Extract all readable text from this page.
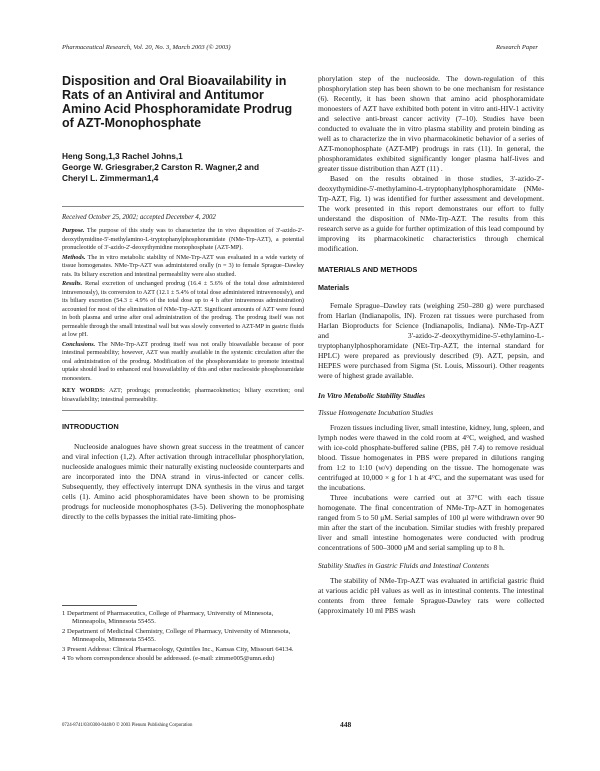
Pharmaceutical Research, Vol. 20, No. 3, March 2003 (© 2003)	Research Paper
Disposition and Oral Bioavailability in Rats of an Antiviral and Antitumor Amino Acid Phosphoramidate Prodrug of AZT-Monophosphate
Heng Song,1,3 Rachel Johns,1
George W. Griesgraber,2 Carston R. Wagner,2 and
Cheryl L. Zimmerman1,4
Received October 25, 2002; accepted December 4, 2002

Purpose. The purpose of this study was to characterize the in vivo disposition of 3'-azido-2'-deoxythymidine-5'-methylamino-L-tryptophanylphosphoramidate (NMe-Trp-AZT), a potential pronucleotide of 3'-azido-2'-deoxythymidine monophosphate (AZT-MP).

Methods. The in vitro metabolic stability of NMe-Trp-AZT was evaluated in a wide variety of tissue homogenates. NMe-Trp-AZT was administered orally (n = 3) to female Sprague–Dawley rats. Its biliary excretion and intestinal permeability were also studied.

Results. Renal excretion of unchanged prodrug (16.4 ± 5.6% of the total dose administered intravenously), its conversion to AZT (12.1 ± 5.4% of total dose administered intravenously), and its biliary excretion (54.3 ± 4.9% of the total dose up to 4 h after intravenous administration) accounted for most of the elimination of NMe-Trp-AZT. Significant amounts of AZT were found in both plasma and urine after oral administration of the prodrug. The prodrug itself was not permeable through the small intestinal wall but was slowly converted to AZT-MP in gastric fluids at low pH.

Conclusions. The NMe-Trp-AZT prodrug itself was not orally bioavailable because of poor intestinal permeability; however, AZT was readily available in the systemic circulation after the oral administration of the prodrug. Modification of the phosphoramidate to promote intestinal uptake should lead to enhanced oral bioavailability of this and other nucleoside phosphoramidate monoesters.

KEY WORDS: AZT; prodrugs; pronucleotide; pharmacokinetics; biliary excretion; oral bioavailability; intestinal permeability.
INTRODUCTION

Nucleoside analogues have shown great success in the treatment of cancer and viral infection (1,2). After activation through intracellular phosphorylation, nucleoside analogues mimic their naturally existing nucleoside counterparts and are incorporated into the DNA strand in virus-infected or cancer cells. Subsequently, they effectively interrupt DNA synthesis in the virus and target cells (1). Amino acid phosphoramidates have been shown to be promising prodrugs for nucleoside monophosphates (3-5). Delivering the monophosphate directly to the cells bypasses the initial rate-limiting phos-

phorylation step of the nucleoside. The down-regulation of this phosphorylation step has been shown to be one mechanism for resistance (6). Recently, it has been shown that amino acid phosphoramidate monoesters of AZT have exhibited both potent in vitro anti-HIV-1 activity and selective anti-breast cancer activity (7–10). Studies have been conducted to evaluate the in vitro plasma stability and protein binding as well as to characterize the in vivo pharmacokinetic behavior of a series of AZT-monophosphate (AZT-MP) prodrugs in rats (11). In general, the phosphoramidates exhibited significantly longer plasma half-lives and greater tissue distribution than AZT (11) .

Based on the results obtained in those studies, 3'-azido-2'-deoxythymidine-5'-methylamino-L-tryptophanylphosphoramidate (NMe-Trp-AZT, Fig. 1) was identified for further assessment and development. The work presented in this report demonstrates our effort to fully understand the disposition of NMe-Trp-AZT. The results from this research serve as a guide for further optimization of this lead compound by improving its pharmacokinetic characteristics through chemical modification.

MATERIALS AND METHODS
Materials

Female Sprague–Dawley rats (weighing 250–280 g) were purchased from Harlan (Indianapolis, IN). Frozen rat tissues were purchased from Harlan Bioproducts for Science (Indianapolis, Indiana). NMe-Trp-AZT and 3'-azido-2'-deoxythymidine-5'-ethylamino-L-tryptophanylphosphoramidate (NEt-Trp-AZT, the internal standard for HPLC) were prepared as previously described (9). AZT, pepsin, and HEPES were purchased from Sigma (St. Louis, Missouri). Other reagents were of highest grade available.

In Vitro Metabolic Stability Studies
Tissue Homogenate Incubation Studies

Frozen tissues including liver, small intestine, kidney, lung, spleen, and lymph nodes were thawed in the cold room at 4°C, weighed, and washed with ice-cold phosphate-buffered saline (PBS, pH 7.4) to remove residual blood. Tissue homogenates in PBS were prepared in dilutions ranging from 1:2 to 1:10 (w/v) depending on the tissue. The homogenate was centrifuged at 10,000 × g for 1 h at 4°C, and the supernatant was used for the incubations.

Three incubations were carried out at 37°C with each tissue homogenate. The final concentration of NMe-Trp-AZT in homogenates ranged from 5 to 50 μM. Serial samples of 100 μl were withdrawn over 90 min after the start of the incubation. Similar studies with freshly prepared liver and small intestine homogenates were conducted with prodrug concentrations of 500–3000 μM and serial sampling up to 8 h.

Stability Studies in Gastric Fluids and Intestinal Contents

The stability of NMe-Trp-AZT was evaluated in artificial gastric fluid at various acidic pH values as well as in intestinal contents. The intestinal contents from three female Sprague-Dawley rats were collected (approximately 10 ml PBS wash

1 Department of Pharmaceutics, College of Pharmacy, University of Minnesota, Minneapolis, Minnesota 55455.
2 Department of Medicinal Chemistry, College of Pharmacy, University of Minnesota, Minneapolis, Minnesota 55455.
3 Present Address: Clinical Pharmacology, Quintiles Inc., Kansas City, Missouri 64134.
4 To whom correspondence should be addressed. (e-mail: zimme005@umn.edu)
0724-8741/03/0300-0448/0 © 2003 Plenum Publishing Corporation	448
